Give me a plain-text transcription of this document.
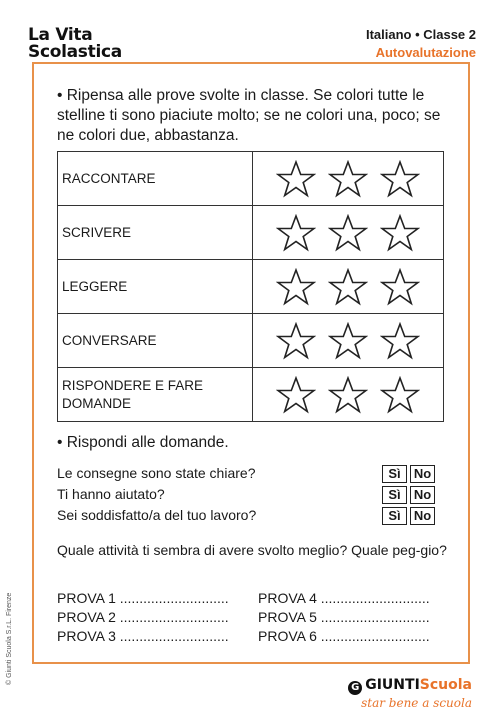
La Vita
Scolastica
Italiano • Classe 2
Autovalutazione
• Ripensa alle prove svolte in classe. Se colori tutte le stelline ti sono piaciute molto; se ne colori una, poco; se ne colori due, abbastanza.
RACCONTARE	
SCRIVERE	
LEGGERE	
CONVERSARE	
RISPONDERE E FARE DOMANDE	
• Rispondi alle domande.
Le consegne sono state chiare?	Sì	No
Ti hanno aiutato?	Sì	No
Sei soddisfatto/a del tuo lavoro?	Sì	No
Quale attività ti sembra di avere svolto meglio? Quale peg-gio?
PROVA 1 ............................
PROVA 2 ............................
PROVA 3 ............................
PROVA 4 ............................
PROVA 5 ............................
PROVA 6 ............................
© Giunti Scuola S.r.L. Firenze
G GIUNTIScuola
star bene a scuola
